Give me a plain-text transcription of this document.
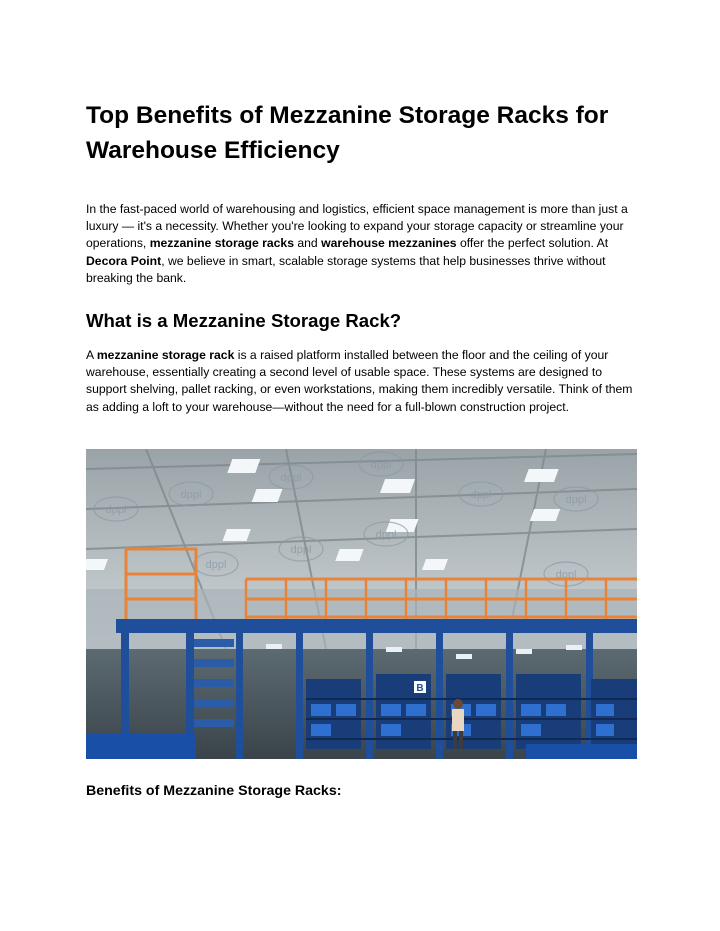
Top Benefits of Mezzanine Storage Racks for Warehouse Efficiency

In the fast-paced world of warehousing and logistics, efficient space management is more than just a luxury — it's a necessity. Whether you're looking to expand your storage capacity or streamline your operations, mezzanine storage racks and warehouse mezzanines offer the perfect solution. At Decora Point, we believe in smart, scalable storage systems that help businesses thrive without breaking the bank.

What is a Mezzanine Storage Rack?

A mezzanine storage rack is a raised platform installed between the floor and the ceiling of your warehouse, essentially creating a second level of usable space. These systems are designed to support shelving, pallet racking, or even workstations, making them incredibly versatile. Think of them as adding a loft to your warehouse—without the need for a full-blown construction project.

dppl
dppl
dppl
dppl	dppl
dppl
dppl
dppl
dppl
dppl
B
Benefits of Mezzanine Storage Racks:
